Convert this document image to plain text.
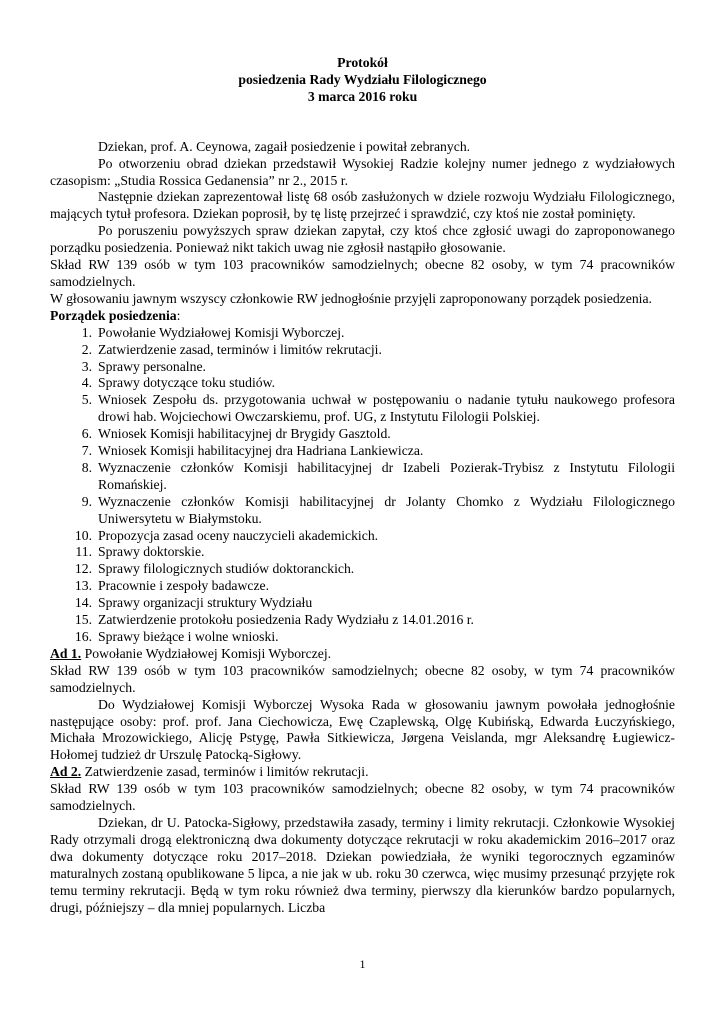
Protokół
posiedzenia Rady Wydziału Filologicznego
3 marca 2016 roku

Dziekan, prof. A. Ceynowa, zagaił posiedzenie i powitał zebranych.

Po otworzeniu obrad dziekan przedstawił Wysokiej Radzie kolejny numer jednego z wydziałowych czasopism: „Studia Rossica Gedanensia” nr 2., 2015 r.

Następnie dziekan zaprezentował listę 68 osób zasłużonych w dziele rozwoju Wydziału Filologicznego, mających tytuł profesora. Dziekan poprosił, by tę listę przejrzeć i sprawdzić, czy ktoś nie został pominięty.

Po poruszeniu powyższych spraw dziekan zapytał, czy ktoś chce zgłosić uwagi do zaproponowanego porządku posiedzenia. Ponieważ nikt takich uwag nie zgłosił nastąpiło głosowanie.

Skład RW 139 osób w tym 103 pracowników samodzielnych; obecne 82 osoby, w tym 74 pracowników samodzielnych.

W głosowaniu jawnym wszyscy członkowie RW jednogłośnie przyjęli zaproponowany porządek posiedzenia.

Porządek posiedzenia:

1. Powołanie Wydziałowej Komisji Wyborczej.
2. Zatwierdzenie zasad, terminów i limitów rekrutacji.
3. Sprawy personalne.
4. Sprawy dotyczące toku studiów.
5. Wniosek Zespołu ds. przygotowania uchwał w postępowaniu o nadanie tytułu naukowego profesora drowi hab. Wojciechowi Owczarskiemu, prof. UG, z Instytutu Filologii Polskiej.
6. Wniosek Komisji habilitacyjnej dr Brygidy Gasztold.
7. Wniosek Komisji habilitacyjnej dra Hadriana Lankiewicza.
8. Wyznaczenie członków Komisji habilitacyjnej dr Izabeli Pozierak-Trybisz z Instytutu Filologii Romańskiej.
9. Wyznaczenie członków Komisji habilitacyjnej dr Jolanty Chomko z Wydziału Filologicznego Uniwersytetu w Białymstoku.
10. Propozycja zasad oceny nauczycieli akademickich.
11. Sprawy doktorskie.
12. Sprawy filologicznych studiów doktoranckich.
13. Pracownie i zespoły badawcze.
14. Sprawy organizacji struktury Wydziału
15. Zatwierdzenie protokołu posiedzenia Rady Wydziału z 14.01.2016 r.
16. Sprawy bieżące i wolne wnioski.

Ad 1. Powołanie Wydziałowej Komisji Wyborczej.

Skład RW 139 osób w tym 103 pracowników samodzielnych; obecne 82 osoby, w tym 74 pracowników samodzielnych.

Do Wydziałowej Komisji Wyborczej Wysoka Rada w głosowaniu jawnym powołała jednogłośnie następujące osoby: prof. prof. Jana Ciechowicza, Ewę Czaplewską, Olgę Kubińską, Edwarda Łuczyńskiego, Michała Mrozowickiego, Alicję Pstygę, Pawła Sitkiewicza, Jørgena Veislanda, mgr Aleksandrę Ługiewicz-Hołomej tudzież dr Urszulę Patocką-Sigłowy.

Ad 2. Zatwierdzenie zasad, terminów i limitów rekrutacji.

Skład RW 139 osób w tym 103 pracowników samodzielnych; obecne 82 osoby, w tym 74 pracowników samodzielnych.

Dziekan, dr U. Patocka-Sigłowy, przedstawiła zasady, terminy i limity rekrutacji. Członkowie Wysokiej Rady otrzymali drogą elektroniczną dwa dokumenty dotyczące rekrutacji w roku akademickim 2016–2017 oraz dwa dokumenty dotyczące roku 2017–2018. Dziekan powiedziała, że wyniki tegorocznych egzaminów maturalnych zostaną opublikowane 5 lipca, a nie jak w ub. roku 30 czerwca, więc musimy przesunąć przyjęte rok temu terminy rekrutacji. Będą w tym roku również dwa terminy, pierwszy dla kierunków bardzo popularnych, drugi, późniejszy – dla mniej popularnych. Liczba

1
